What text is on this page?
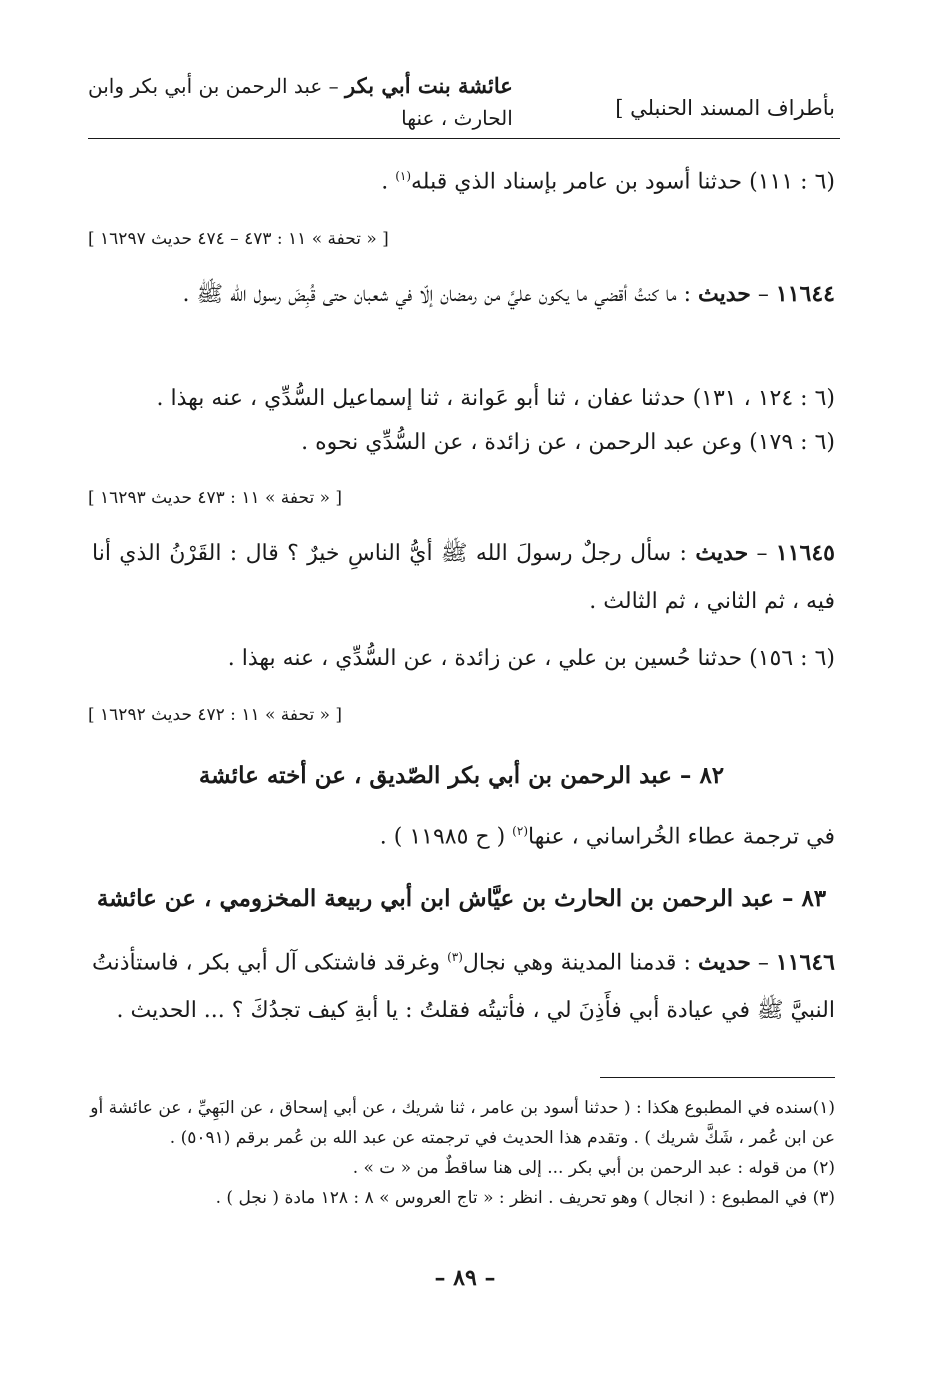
بأطراف المسند الحنبلي ]
عائشة بنت أبي بكر – عبد الرحمن بن أبي بكر وابن
الحارث ، عنها
(٦ : ١١١) حدثنا أسود بن عامر بإسناد الذي قبله$^{(١)}$ .
[ « تحفة » ١١ : ٤٧٣ – ٤٧٤ حديث ١٦٢٩٧ ]
١١٦٤٤ – حديث : ما كنتُ أقضي ما يكون عليَّ من رمضان إلّا في شعبان حتى قُبِضَ رسول الله ﷺ .
(٦ : ١٢٤ ، ١٣١) حدثنا عفان ، ثنا أبو عَوانة ، ثنا إسماعيل السُّدِّي ، عنه بهذا .
(٦ : ١٧٩) وعن عبد الرحمن ، عن زائدة ، عن السُّدِّي نحوه .
[ « تحفة » ١١ : ٤٧٣ حديث ١٦٢٩٣ ]
١١٦٤٥ – حديث : سأل رجلٌ رسولَ الله ﷺ أيُّ الناسِ خيرٌ ؟ قال : القَرْنُ الذي أنا فيه ، ثم الثاني ، ثم الثالث .
(٦ : ١٥٦) حدثنا حُسين بن علي ، عن زائدة ، عن السُّدِّي ، عنه بهذا .
[ « تحفة » ١١ : ٤٧٢ حديث ١٦٢٩٢ ]
٨٢ – عبد الرحمن بن أبي بكر الصّديق ، عن أخته عائشة
في ترجمة عطاء الخُراساني ، عنها$^{(٢)}$ ( ح ١١٩٨٥ ) .
٨٣ – عبد الرحمن بن الحارث بن عيَّاش ابن أبي ربيعة المخزومي ، عن عائشة
١١٦٤٦ – حديث : قدمنا المدينة وهي نجال$^{(٣)}$ وغرقد فاشتكى آل أبي بكر ، فاستأذنتُ النبيَّ ﷺ في عيادة أبي فأَذِنَ لي ، فأتيتُه فقلتُ : يا أبةِ كيف تجدُكَ ؟ ... الحديث .
(١)سنده في المطبوع هكذا : ( حدثنا أسود بن عامر ، ثنا شريك ، عن أبي إسحاق ، عن البَهِيِّ ، عن عائشة أو عن ابن عُمر ، شَكَّ شريك ) . وتقدم هذا الحديث في ترجمته عن عبد الله بن عُمر برقم (٥٠٩١) .
(٢) من قوله : عبد الرحمن بن أبي بكر ... إلى هنا ساقطٌ من « ت » .
(٣) في المطبوع : ( انجال ) وهو تحريف . انظر : « تاج العروس » ٨ : ١٢٨ مادة ( نجل ) .
– ٨٩ –
